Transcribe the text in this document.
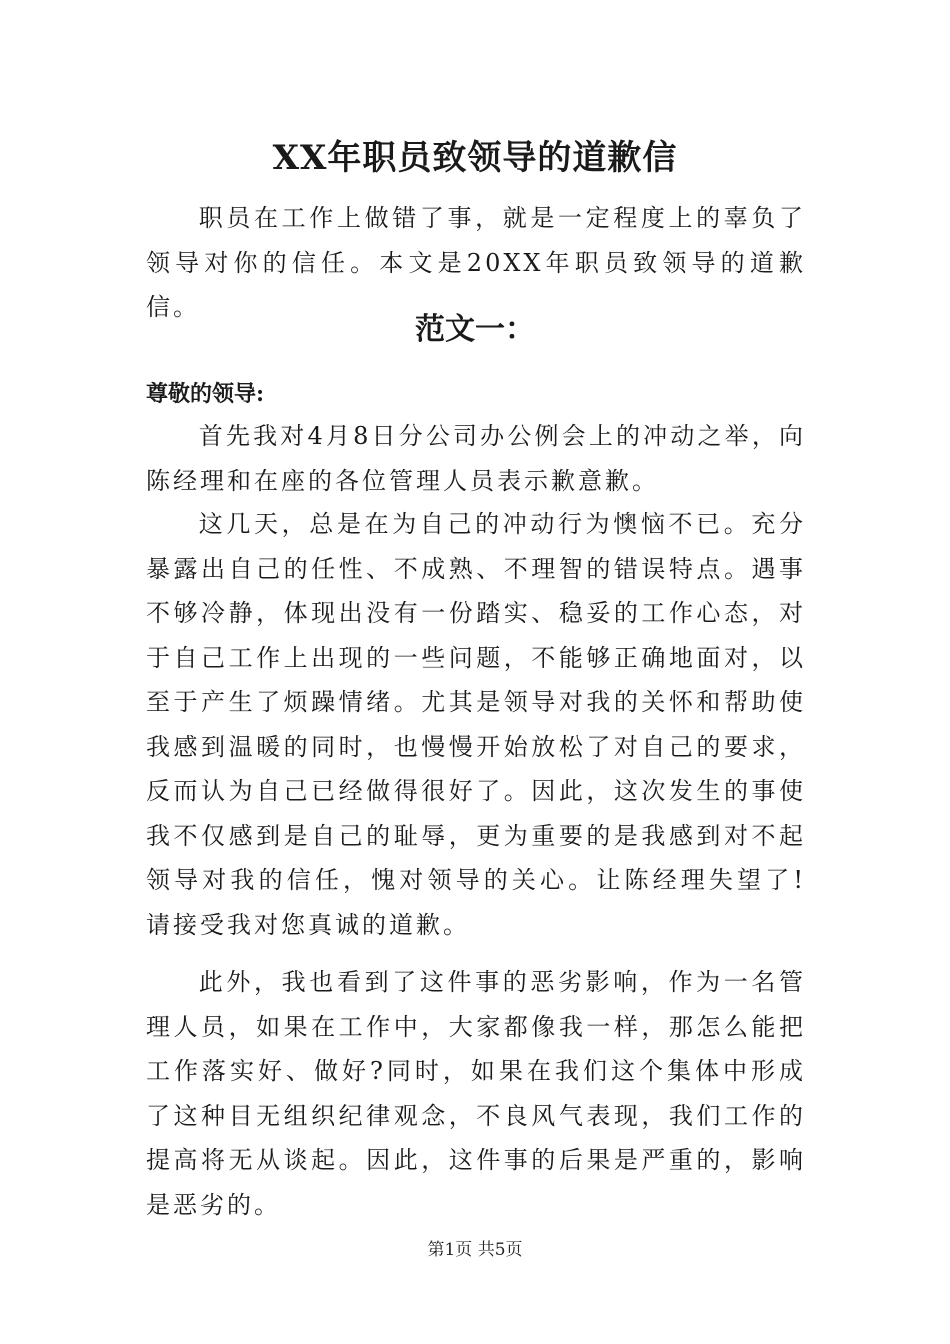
XX年职员致领导的道歉信

职员在工作上做错了事，就是一定程度上的辜负了领导对你的信任。本文是20XX年职员致领导的道歉信。

范文一：

尊敬的领导:

首先我对4月8日分公司办公例会上的冲动之举，向陈经理和在座的各位管理人员表示歉意歉。

这几天，总是在为自己的冲动行为懊恼不已。充分暴露出自己的任性、不成熟、不理智的错误特点。遇事不够冷静，体现出没有一份踏实、稳妥的工作心态，对于自己工作上出现的一些问题，不能够正确地面对，以至于产生了烦躁情绪。尤其是领导对我的关怀和帮助使我感到温暖的同时，也慢慢开始放松了对自己的要求，反而认为自己已经做得很好了。因此，这次发生的事使我不仅感到是自己的耻辱，更为重要的是我感到对不起领导对我的信任，愧对领导的关心。让陈经理失望了!请接受我对您真诚的道歉。

此外，我也看到了这件事的恶劣影响，作为一名管理人员，如果在工作中，大家都像我一样，那怎么能把工作落实好、做好?同时，如果在我们这个集体中形成了这种目无组织纪律观念，不良风气表现，我们工作的提高将无从谈起。因此，这件事的后果是严重的，影响是恶劣的。

第1页 共5页
